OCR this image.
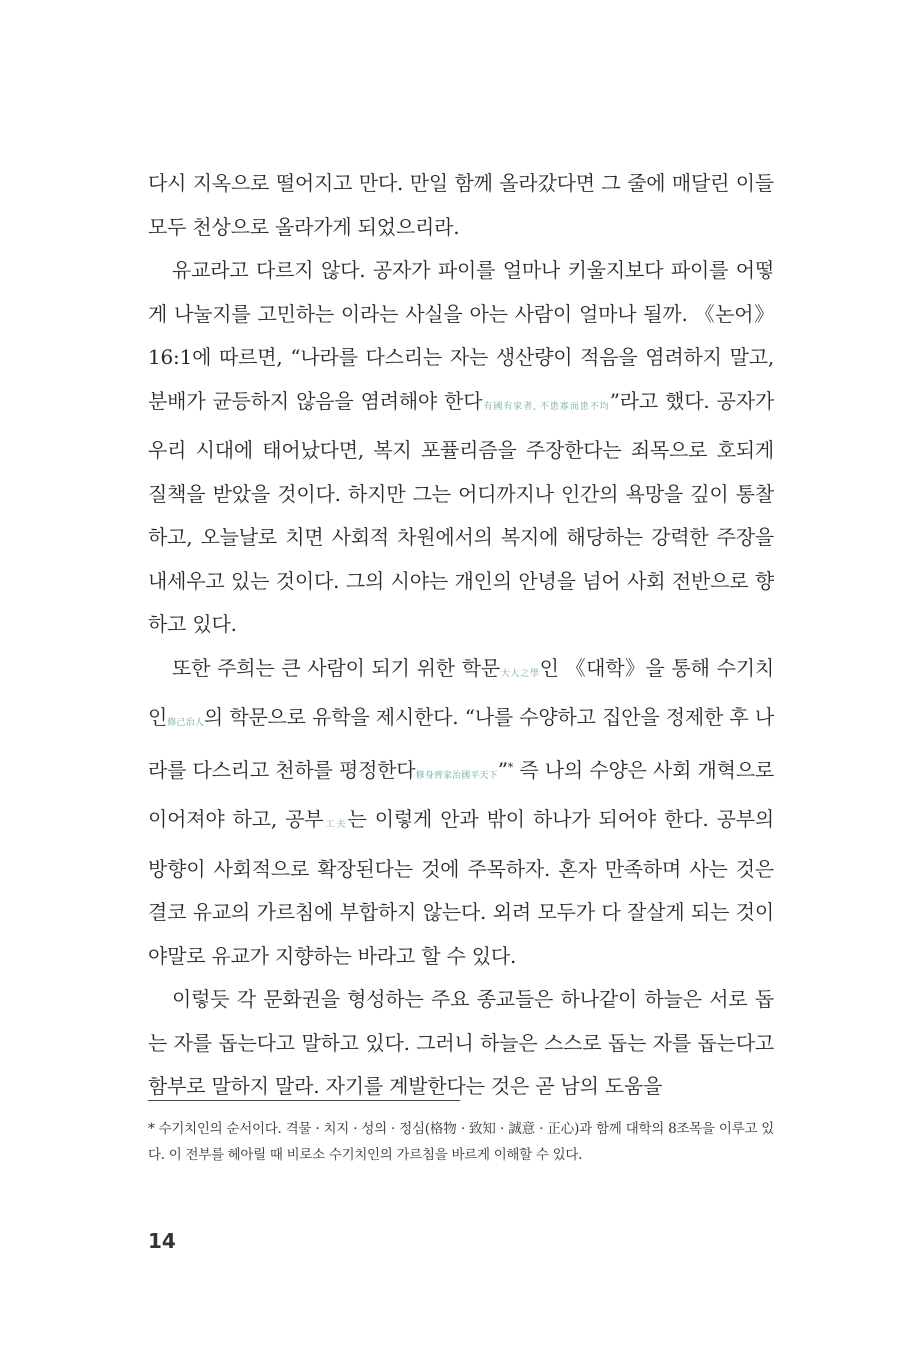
다시 지옥으로 떨어지고 만다. 만일 함께 올라갔다면 그 줄에 매달린 이들 모두 천상으로 올라가게 되었으리라.

유교라고 다르지 않다. 공자가 파이를 얼마나 키울지보다 파이를 어떻게 나눌지를 고민하는 이라는 사실을 아는 사람이 얼마나 될까. 《논어》 16:1에 따르면, “나라를 다스리는 자는 생산량이 적음을 염려하지 말고, 분배가 균등하지 않음을 염려해야 한다有國有家者, 不患寡而患不均”라고 했다. 공자가 우리 시대에 태어났다면, 복지 포퓰리즘을 주장한다는 죄목으로 호되게 질책을 받았을 것이다. 하지만 그는 어디까지나 인간의 욕망을 깊이 통찰하고, 오늘날로 치면 사회적 차원에서의 복지에 해당하는 강력한 주장을 내세우고 있는 것이다. 그의 시야는 개인의 안녕을 넘어 사회 전반으로 향하고 있다.

또한 주희는 큰 사람이 되기 위한 학문大人之學인 《대학》을 통해 수기치인修己治人의 학문으로 유학을 제시한다. “나를 수양하고 집안을 정제한 후 나라를 다스리고 천하를 평정한다修身齊家治國平天下”* 즉 나의 수양은 사회 개혁으로 이어져야 하고, 공부工夫는 이렇게 안과 밖이 하나가 되어야 한다. 공부의 방향이 사회적으로 확장된다는 것에 주목하자. 혼자 만족하며 사는 것은 결코 유교의 가르침에 부합하지 않는다. 외려 모두가 다 잘살게 되는 것이야말로 유교가 지향하는 바라고 할 수 있다.

이렇듯 각 문화권을 형성하는 주요 종교들은 하나같이 하늘은 서로 돕는 자를 돕는다고 말하고 있다. 그러니 하늘은 스스로 돕는 자를 돕는다고 함부로 말하지 말라. 자기를 계발한다는 것은 곧 남의 도움을

* 수기치인의 순서이다. 격물 · 치지 · 성의 · 정심(格物 · 致知 · 誠意 · 正心)과 함께 대학의 8조목을 이루고 있다. 이 전부를 헤아릴 때 비로소 수기치인의 가르침을 바르게 이해할 수 있다.

14
